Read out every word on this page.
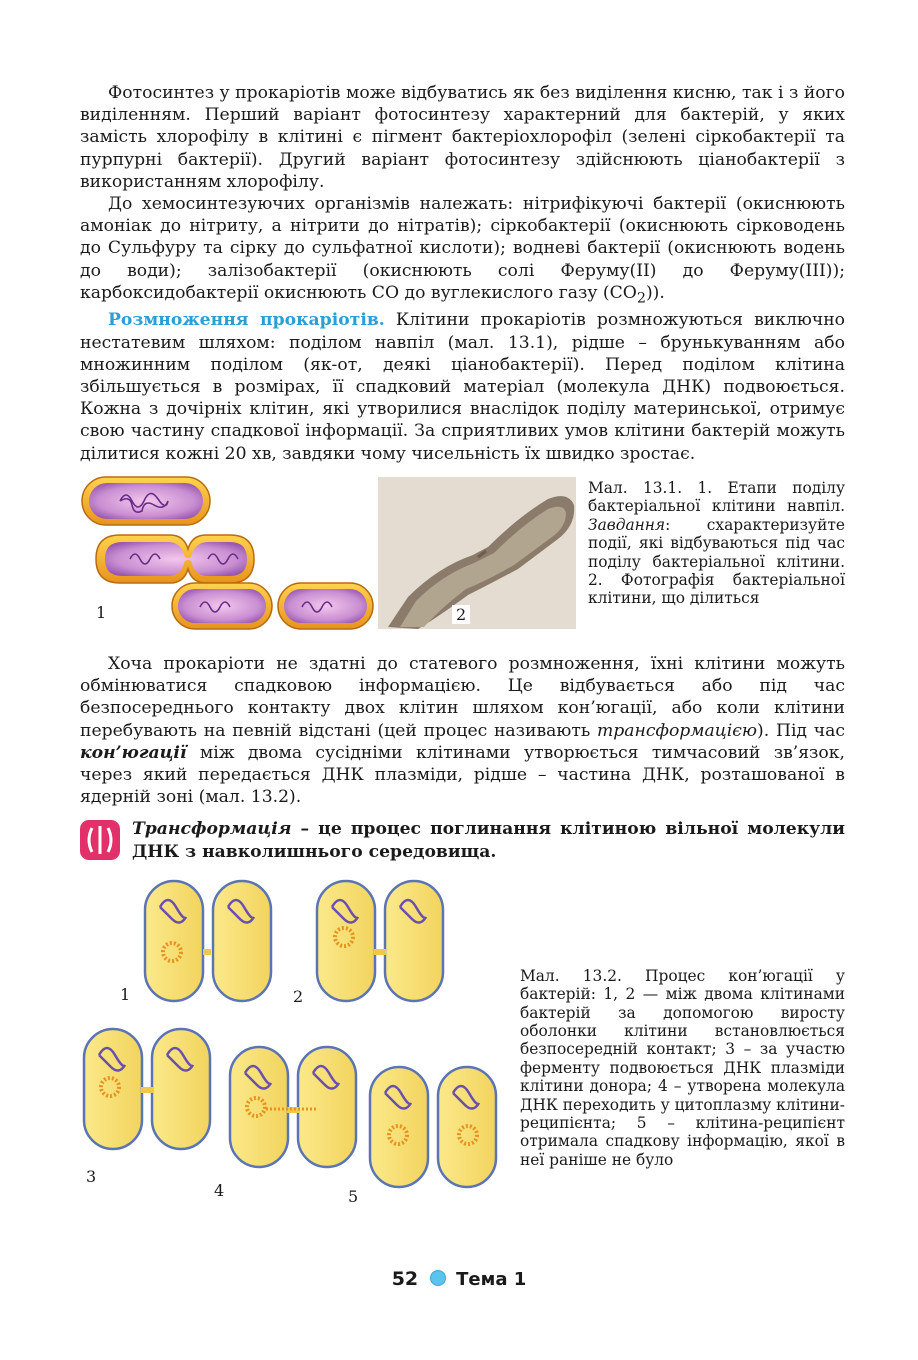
Фотосинтез у прокаріотів може відбуватись як без виділення кисню, так і з його виділенням. Перший варіант фотосинтезу характерний для бактерій, у яких замість хлорофілу в клітині є пігмент бактеріохлорофіл (зелені сіркобактерії та пурпурні бактерії). Другий варіант фотосинтезу здійснюють ціанобактерії з використанням хлорофілу.

До хемосинтезуючих організмів належать: нітрифікуючі бактерії (окиснюють амоніак до нітриту, а нітрити до нітратів); сіркобактерії (окиснюють сірководень до Сульфуру та сірку до сульфатної кислоти); водневі бактерії (окиснюють водень до води); залізобактерії (окиснюють солі Феруму(II) до Феруму(III)); карбоксидобактерії окиснюють CO до вуглекислого газу $(CO_2)$).

Розмноження прокаріотів. Клітини прокаріотів розмножуються виключно нестатевим шляхом: поділом навпіл (мал. 13.1), рідше – брунькуванням або множинним поділом (як-от, деякі ціанобактерії). Перед поділом клітина збільшується в розмірах, її спадковий матеріал (молекула ДНК) подвоюється. Кожна з дочірніх клітин, які утворилися внаслідок поділу материнської, отримує свою частину спадкової інформації. За сприятливих умов клітини бактерій можуть ділитися кожні 20 хв, завдяки чому чисельність їх швидко зростає.

1	2
Мал. 13.1. 1. Етапи поділу бактеріальної клітини навпіл. Завдання: схарактеризуйте події, які відбуваються під час поділу бактеріальної клітини. 2. Фотографія бактеріальної клітини, що ділиться

Хоча прокаріоти не здатні до статевого розмноження, їхні клітини можуть обмінюватися спадковою інформацією. Це відбувається або під час безпосереднього контакту двох клітин шляхом кон’югації, або коли клітини перебувають на певній відстані (цей процес називають трансформацією). Під час кон’югації між двома сусідніми клітинами утворюється тимчасовий зв’язок, через який передається ДНК плазміди, рідше – частина ДНК, розташованої в ядерній зоні (мал. 13.2).

Трансформація – це процес поглинання клітиною вільної молекули ДНК з навколишнього середовища.
1	2
3
4	5
Мал. 13.2. Процес кон’югації у бактерій: 1, 2 — між двома клітинами бактерій за допомогою виросту оболонки клітини встановлюється безпосередній контакт; 3 – за участю ферменту подвоюється ДНК плазміди клітини донора; 4 – утворена молекула ДНК переходить у цитоплазму клітини-реципієнта; 5 – клітина-реципієнт отримала спадкову інформацію, якої в неї раніше не було
52 Тема 1
